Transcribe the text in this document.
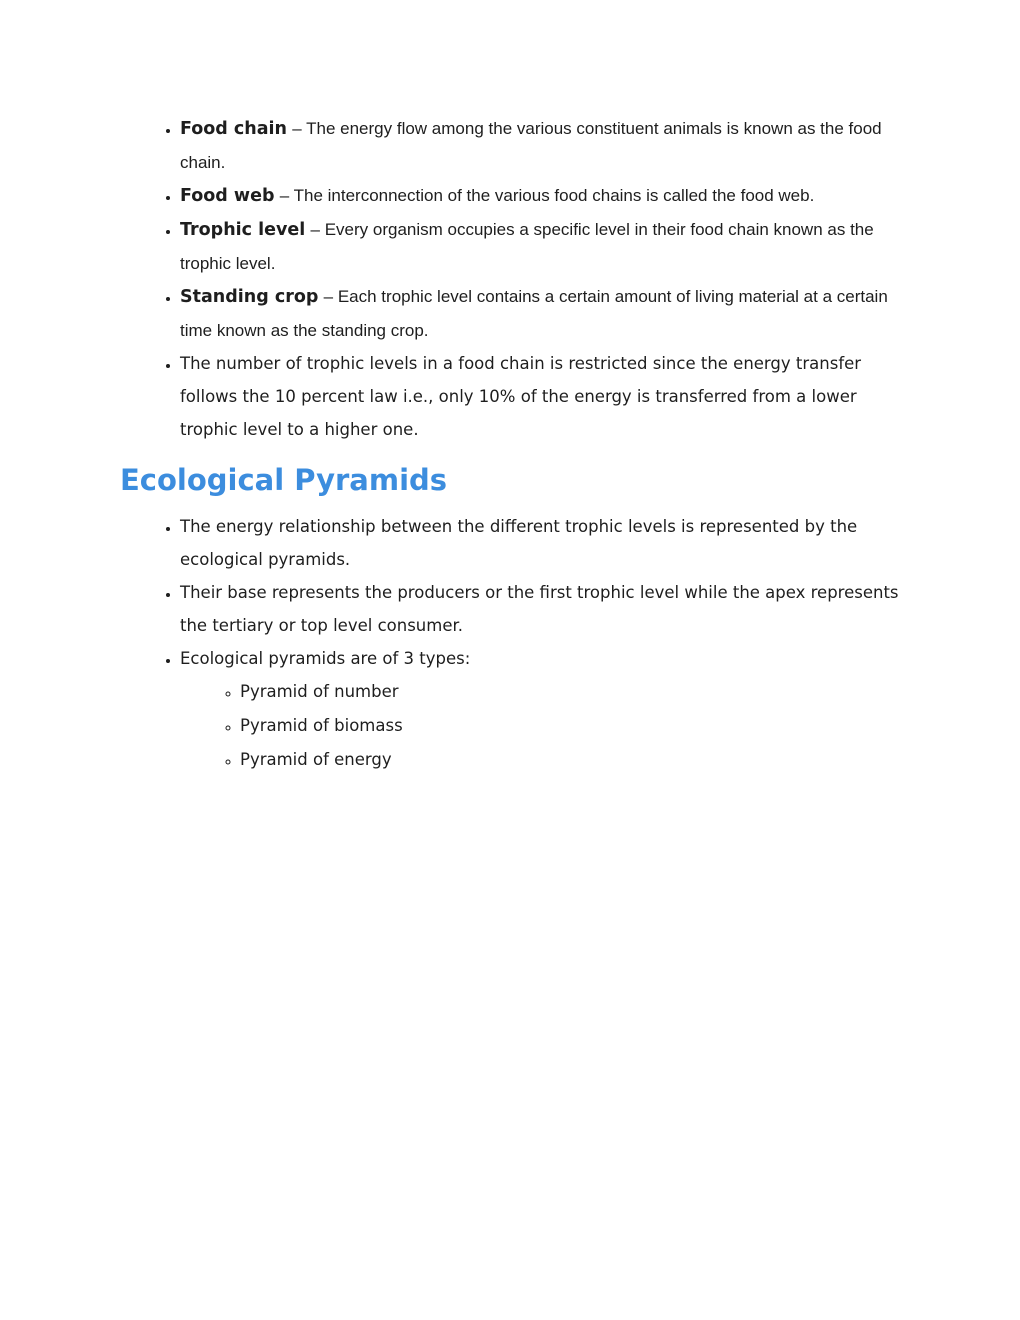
• Food chain – The energy flow among the various constituent animals is known as the food chain.
• Food web – The interconnection of the various food chains is called the food web.
• Trophic level – Every organism occupies a specific level in their food chain known as the trophic level.
• Standing crop – Each trophic level contains a certain amount of living material at a certain time known as the standing crop.
• The number of trophic levels in a food chain is restricted since the energy transfer follows the 10 percent law i.e., only 10% of the energy is transferred from a lower trophic level to a higher one.
Ecological Pyramids
• The energy relationship between the different trophic levels is represented by the ecological pyramids.
• Their base represents the producers or the first trophic level while the apex represents the tertiary or top level consumer.
• Ecological pyramids are of 3 types:
◦ Pyramid of number
◦ Pyramid of biomass
◦ Pyramid of energy
